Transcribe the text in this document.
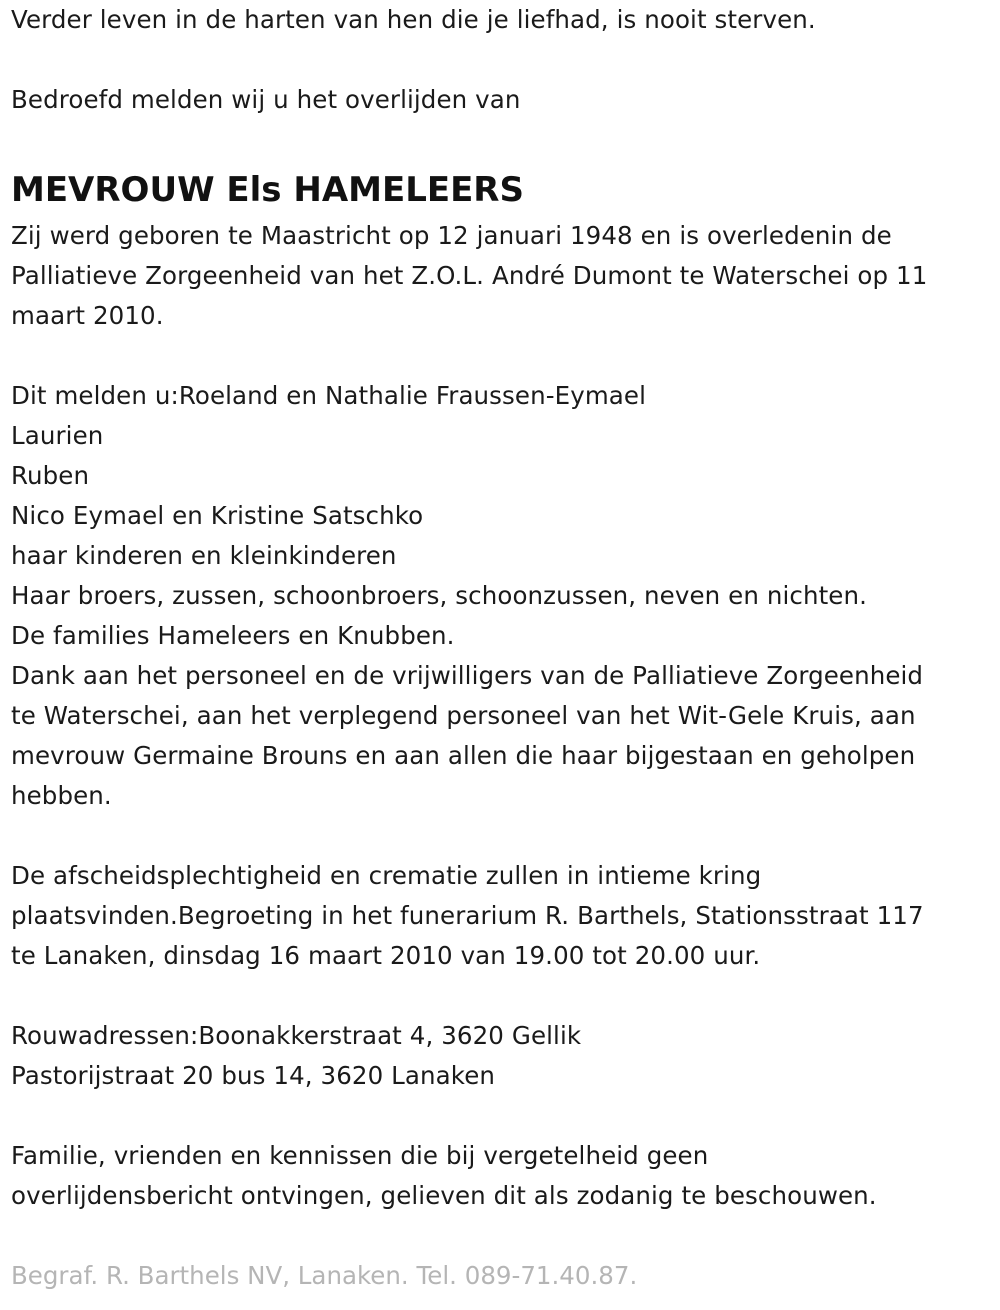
Verder leven in de harten van hen die je liefhad, is nooit sterven.
Bedroefd melden wij u het overlijden van
MEVROUW Els HAMELEERS
Zij werd geboren te Maastricht op 12 januari 1948 en is overledenin de
Palliatieve Zorgeenheid van het Z.O.L. André Dumont te Waterschei op 11
maart 2010.
Dit melden u:Roeland en Nathalie Fraussen-Eymael
Laurien
Ruben
Nico Eymael en Kristine Satschko
haar kinderen en kleinkinderen
Haar broers, zussen, schoonbroers, schoonzussen, neven en nichten.
De families Hameleers en Knubben.
Dank aan het personeel en de vrijwilligers van de Palliatieve Zorgeenheid
te Waterschei, aan het verplegend personeel van het Wit-Gele Kruis, aan
mevrouw Germaine Brouns en aan allen die haar bijgestaan en geholpen
hebben.
De afscheidsplechtigheid en crematie zullen in intieme kring
plaatsvinden.Begroeting in het funerarium R. Barthels, Stationsstraat 117
te Lanaken, dinsdag 16 maart 2010 van 19.00 tot 20.00 uur.
Rouwadressen:Boonakkerstraat 4, 3620 Gellik
Pastorijstraat 20 bus 14, 3620 Lanaken
Familie, vrienden en kennissen die bij vergetelheid geen
overlijdensbericht ontvingen, gelieven dit als zodanig te beschouwen.
Begraf. R. Barthels NV, Lanaken. Tel. 089-71.40.87.
